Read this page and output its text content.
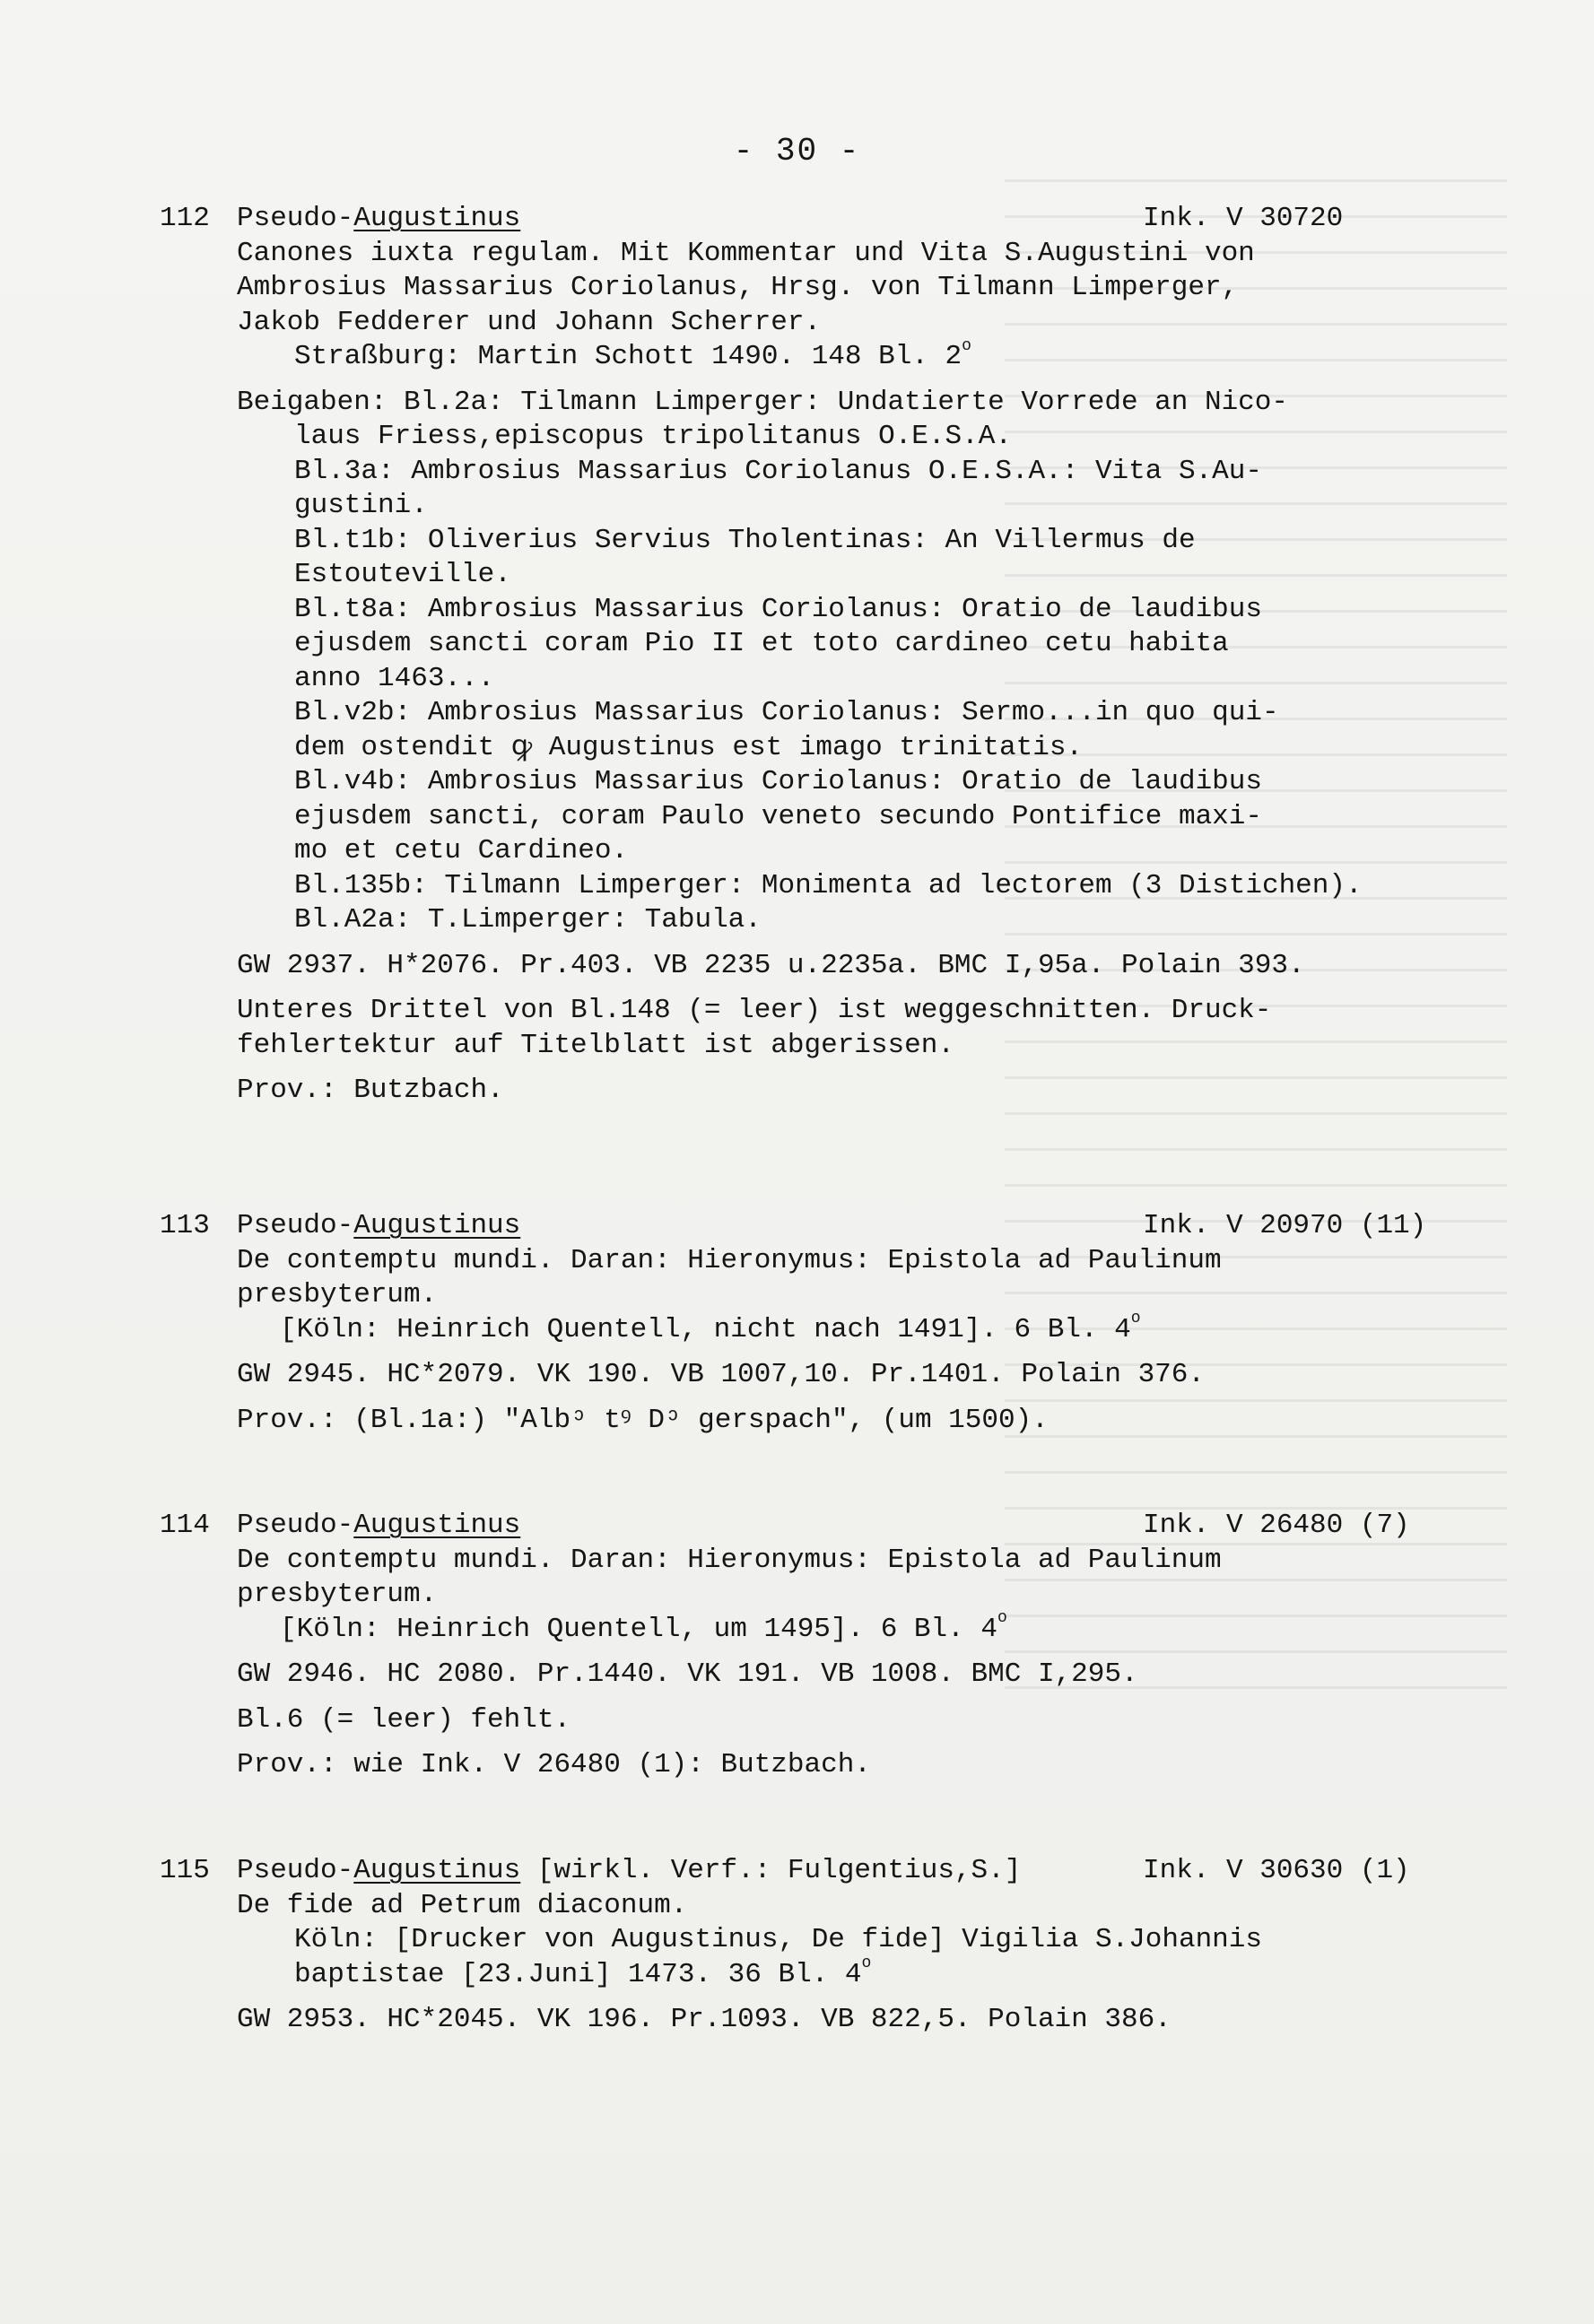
- 30 -
112 Pseudo-Augustinus	Ink. V 30720
Canones iuxta regulam. Mit Kommentar und Vita S.Augustini von
Ambrosius Massarius Coriolanus, Hrsg. von Tilmann Limperger,
Jakob Fedderer und Johann Scherrer.
Straßburg: Martin Schott 1490. 148 Bl. 2$^o$
Beigaben: Bl.2a: Tilmann Limperger: Undatierte Vorrede an Nico-
laus Friess,episcopus tripolitanus O.E.S.A.
Bl.3a: Ambrosius Massarius Coriolanus O.E.S.A.: Vita S.Au-
gustini.
Bl.t1b: Oliverius Servius Tholentinas: An Villermus de
Estouteville.
Bl.t8a: Ambrosius Massarius Coriolanus: Oratio de laudibus
ejusdem sancti coram Pio II et toto cardineo cetu habita
anno 1463...
Bl.v2b: Ambrosius Massarius Coriolanus: Sermo...in quo qui-
dem ostendit ꝙ Augustinus est imago trinitatis.
Bl.v4b: Ambrosius Massarius Coriolanus: Oratio de laudibus
ejusdem sancti, coram Paulo veneto secundo Pontifice maxi-
mo et cetu Cardineo.
Bl.135b: Tilmann Limperger: Monimenta ad lectorem (3 Distichen).
Bl.A2a: T.Limperger: Tabula.
GW 2937. H*2076. Pr.403. VB 2235 u.2235a. BMC I,95a. Polain 393.
Unteres Drittel von Bl.148 (= leer) ist weggeschnitten. Druck-
fehlertektur auf Titelblatt ist abgerissen.
Prov.: Butzbach.
113 Pseudo-Augustinus	Ink. V 20970 (11)
De contemptu mundi. Daran: Hieronymus: Epistola ad Paulinum
presbyterum.
[Köln: Heinrich Quentell, nicht nach 1491]. 6 Bl. 4$^o$
GW 2945. HC*2079. VK 190. VB 1007,10. Pr.1401. Polain 376.
Prov.: (Bl.1a:) "Albᵓ tꝰ Dᵓ gerspach", (um 1500).
114 Pseudo-Augustinus	Ink. V 26480 (7)
De contemptu mundi. Daran: Hieronymus: Epistola ad Paulinum
presbyterum.
[Köln: Heinrich Quentell, um 1495]. 6 Bl. 4$^o$
GW 2946. HC 2080. Pr.1440. VK 191. VB 1008. BMC I,295.
Bl.6 (= leer) fehlt.
Prov.: wie Ink. V 26480 (1): Butzbach.
115 Pseudo-Augustinus [wirkl. Verf.: Fulgentius,S.]	Ink. V 30630 (1)
De fide ad Petrum diaconum.
Köln: [Drucker von Augustinus, De fide] Vigilia S.Johannis
baptistae [23.Juni] 1473. 36 Bl. 4$^o$
GW 2953. HC*2045. VK 196. Pr.1093. VB 822,5. Polain 386.
